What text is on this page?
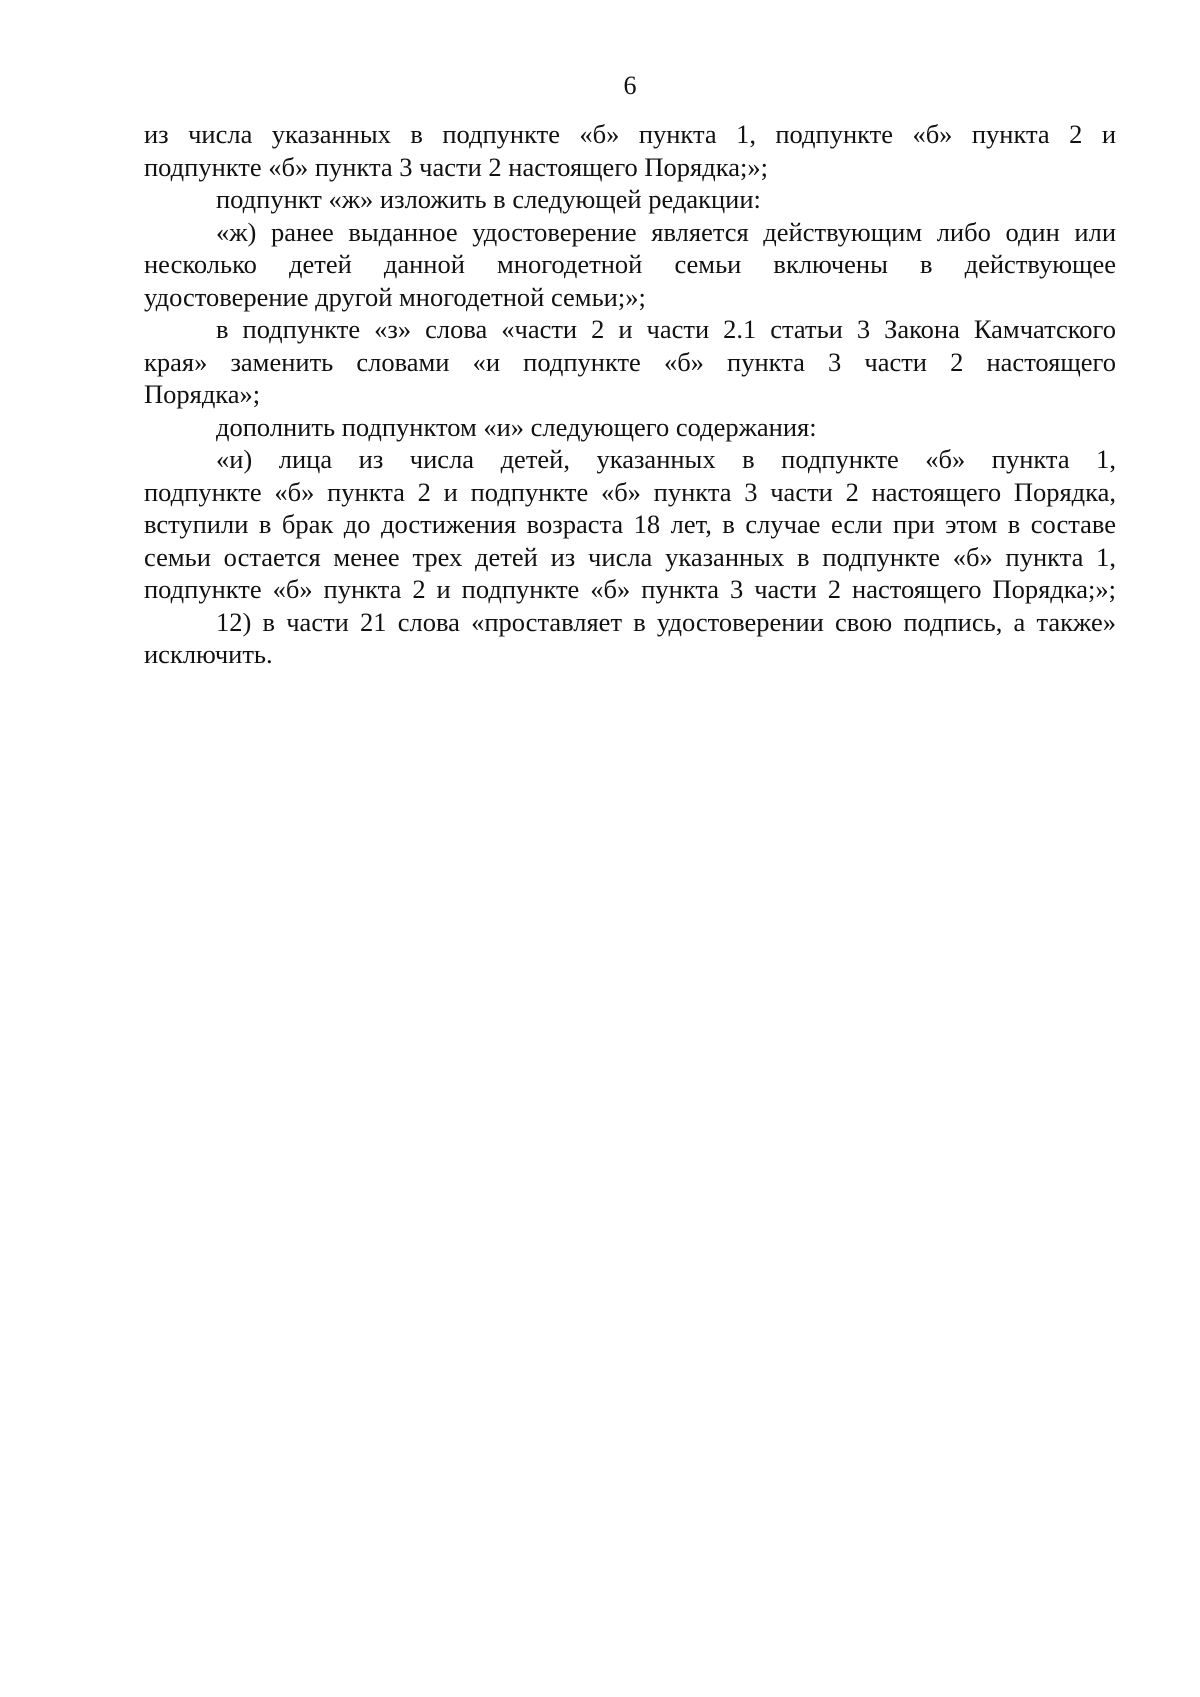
6
из числа указанных в подпункте «б» пункта 1, подпункте «б» пункта 2 и
подпункте «б» пункта 3 части 2 настоящего Порядка;»;
подпункт «ж» изложить в следующей редакции:
«ж) ранее выданное удостоверение является действующим либо один или
несколько детей данной многодетной семьи включены в действующее
удостоверение другой многодетной семьи;»;
в подпункте «з» слова «части 2 и части 2.1 статьи 3 Закона Камчатского
края» заменить словами «и подпункте «б» пункта 3 части 2 настоящего
Порядка»;
дополнить подпунктом «и» следующего содержания:
«и) лица из числа детей, указанных в подпункте «б» пункта 1,
подпункте «б» пункта 2 и подпункте «б» пункта 3 части 2 настоящего Порядка,
вступили в брак до достижения возраста 18 лет, в случае если при этом в составе
семьи остается менее трех детей из числа указанных в подпункте «б» пункта 1,
подпункте «б» пункта 2 и подпункте «б» пункта 3 части 2 настоящего Порядка;»;
12) в части 21 слова «проставляет в удостоверении свою подпись, а также»
исключить.
